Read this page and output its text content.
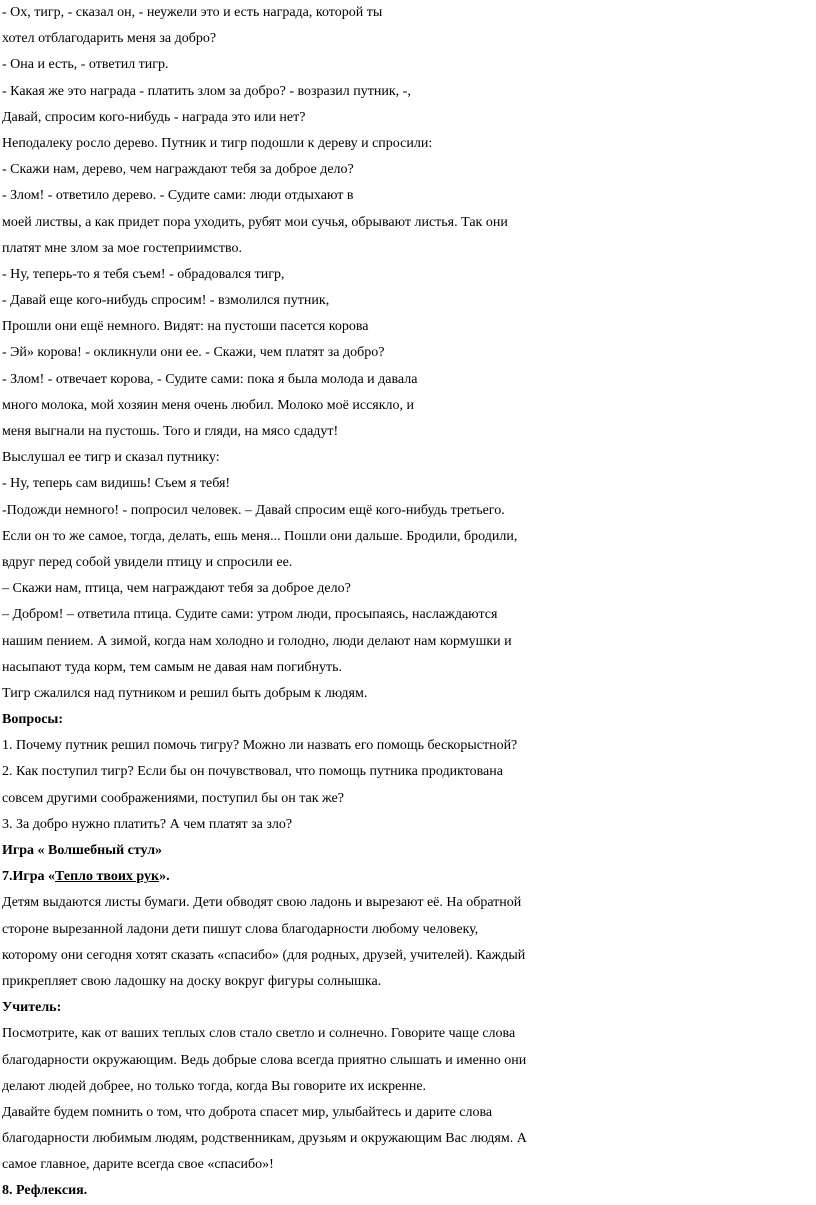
- Ох, тигр, - сказал он, - неужели это и есть награда, которой ты
хотел отблагодарить меня за добро?
- Она и есть, - ответил тигр.
- Какая же это награда - платить злом за добро? - возразил путник, -,
Давай, спросим кого-нибудь - награда это или нет?
Неподалеку росло дерево. Путник и тигр подошли к дереву и спросили:
- Скажи нам, дерево, чем награждают тебя за доброе дело?
- Злом! - ответило дерево. - Судите сами: люди отдыхают в
моей листвы, а как придет пора уходить, рубят мои сучья, обрывают листья. Так они
платят мне злом за мое гостеприимство.
- Ну, теперь-то я тебя съем! - обрадовался тигр,
- Давай еще кого-нибудь спросим! - взмолился путник,
Прошли они ещё немного. Видят: на пустоши пасется корова
- Эй» корова! - окликнули они ее. - Скажи, чем платят за добро?
- Злом! - отвечает корова, - Судите сами: пока я была молода и давала
много молока, мой хозяин меня очень любил. Молоко моё иссякло, и
меня выгнали на пустошь. Того и гляди, на мясо сдадут!
Выслушал ее тигр и сказал путнику:
- Ну, теперь сам видишь! Съем я тебя!
-Подожди немного! - попросил человек. – Давай спросим ещё кого-нибудь третьего.
Если он то же самое, тогда, делать, ешь меня... Пошли они дальше. Бродили, бродили,
вдруг перед собой увидели птицу и спросили ее.
– Скажи нам, птица, чем награждают тебя за доброе дело?
– Добром! – ответила птица. Судите сами: утром люди, просыпаясь, наслаждаются
нашим пением. А зимой, когда нам холодно и голодно, люди делают нам кормушки и
насыпают туда корм, тем самым не давая нам погибнуть.
Тигр сжалился над путником и решил быть добрым к людям.
Вопросы:
1. Почему путник решил помочь тигру? Можно ли назвать его помощь бескорыстной?
2. Как поступил тигр? Если бы он почувствовал, что помощь путника продиктована
совсем другими соображениями, поступил бы он так же?
3. За добро нужно платить? А чем платят за зло?
Игра « Волшебный стул»
7.Игра «Тепло твоих рук».
Детям выдаются листы бумаги. Дети обводят свою ладонь и вырезают её. На обратной
стороне вырезанной ладони дети пишут слова благодарности любому человеку,
которому они сегодня хотят сказать «спасибо» (для родных, друзей, учителей). Каждый
прикрепляет свою ладошку на доску вокруг фигуры солнышка.
Учитель:
Посмотрите, как от ваших теплых слов стало светло и солнечно. Говорите чаще слова
благодарности окружающим. Ведь добрые слова всегда приятно слышать и именно они
делают людей добрее, но только тогда, когда Вы говорите их искренне.
Давайте будем помнить о том, что доброта спасет мир, улыбайтесь и дарите слова
благодарности любимым людям, родственникам, друзьям и окружающим Вас людям. А
самое главное, дарите всегда свое «спасибо»!
8. Рефлексия.
